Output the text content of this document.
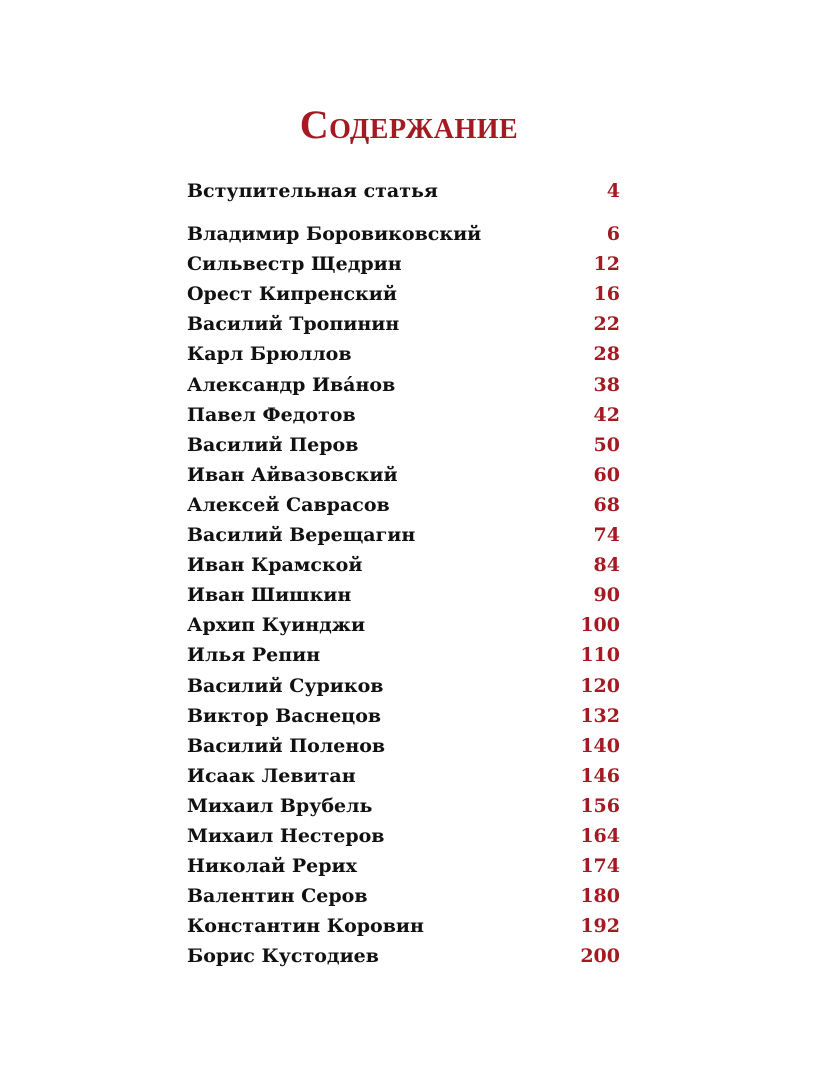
Содержание
Вступительная статья	4
Владимир Боровиковский	6
Сильвестр Щедрин	12
Орест Кипренский	16
Василий Тропинин	22
Карл Брюллов	28
Александр Ива́нов	38
Павел Федотов	42
Василий Перов	50
Иван Айвазовский	60
Алексей Саврасов	68
Василий Верещагин	74
Иван Крамской	84
Иван Шишкин	90
Архип Куинджи	100
Илья Репин	110
Василий Суриков	120
Виктор Васнецов	132
Василий Поленов	140
Исаак Левитан	146
Михаил Врубель	156
Михаил Нестеров	164
Николай Рерих	174
Валентин Серов	180
Константин Коровин	192
Борис Кустодиев	200
